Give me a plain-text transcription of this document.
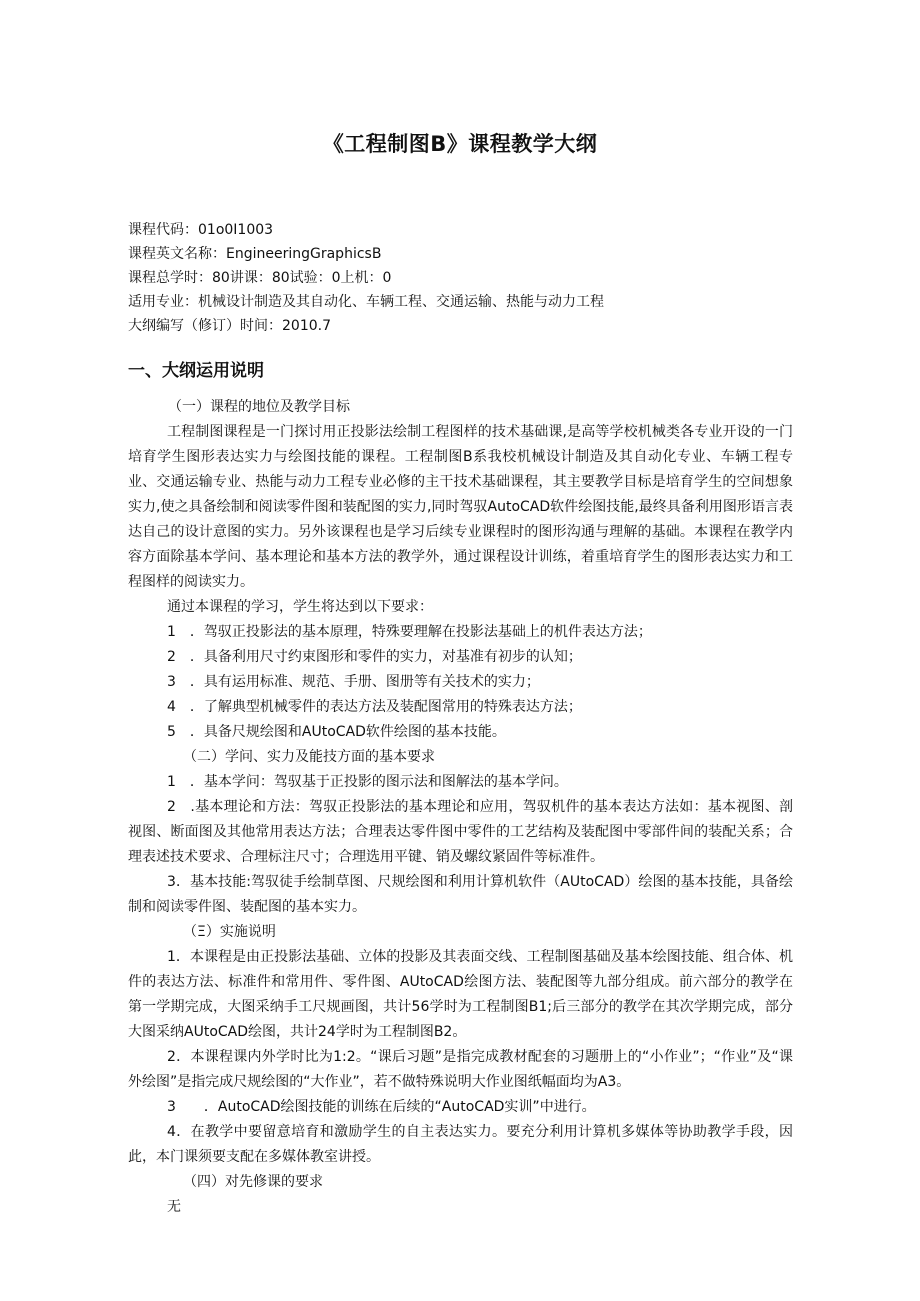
《工程制图B》课程教学大纲
课程代码：01o0I1003
课程英文名称：EngineeringGraphicsB
课程总学时：80讲课：80试验：0上机：0
适用专业：机械设计制造及其自动化、车辆工程、交通运输、热能与动力工程
大纲编写（修订）时间：2010.7
一、大纲运用说明

（一）课程的地位及教学目标

工程制图课程是一门探讨用正投影法绘制工程图样的技术基础课,是高等学校机械类各专业开设的一门培育学生图形表达实力与绘图技能的课程。工程制图B系我校机械设计制造及其自动化专业、车辆工程专业、交通运输专业、热能与动力工程专业必修的主干技术基础课程，其主要教学目标是培育学生的空间想象实力,使之具备绘制和阅读零件图和装配图的实力,同时驾驭AutoCAD软件绘图技能,最终具备利用图形语言表达自己的设计意图的实力。另外该课程也是学习后续专业课程时的图形沟通与理解的基础。本课程在教学内容方面除基本学问、基本理论和基本方法的教学外，通过课程设计训练，着重培育学生的图形表达实力和工程图样的阅读实力。

通过本课程的学习，学生将达到以下要求：

1　．驾驭正投影法的基本原理，特殊要理解在投影法基础上的机件表达方法；

2　．具备利用尺寸约束图形和零件的实力，对基准有初步的认知；

3　．具有运用标准、规范、手册、图册等有关技术的实力；

4　．了解典型机械零件的表达方法及装配图常用的特殊表达方法；

5　．具备尺规绘图和AUtoCAD软件绘图的基本技能。

（二）学问、实力及能技方面的基本要求

1　．基本学问：驾驭基于正投影的图示法和图解法的基本学问。

2　.基本理论和方法：驾驭正投影法的基本理论和应用，驾驭机件的基本表达方法如：基本视图、剖视图、断面图及其他常用表达方法；合理表达零件图中零件的工艺结构及装配图中零部件间的装配关系；合理表述技术要求、合理标注尺寸；合理选用平键、销及螺纹紧固件等标准件。

3．基本技能:驾驭徒手绘制草图、尺规绘图和利用计算机软件（AUtoCAD）绘图的基本技能，具备绘制和阅读零件图、装配图的基本实力。

（Ξ）实施说明

1．本课程是由正投影法基础、立体的投影及其表面交线、工程制图基础及基本绘图技能、组合体、机件的表达方法、标准件和常用件、零件图、AUtoCAD绘图方法、装配图等九部分组成。前六部分的教学在第一学期完成，大图采纳手工尺规画图，共计56学时为工程制图B1;后三部分的教学在其次学期完成，部分大图采纳AUtoCAD绘图，共计24学时为工程制图B2。

2．本课程课内外学时比为1:2。“课后习题”是指完成教材配套的习题册上的“小作业”；“作业”及“课外绘图”是指完成尺规绘图的“大作业”，若不做特殊说明大作业图纸幅面均为A3。

3　　．AutoCAD绘图技能的训练在后续的“AutoCAD实训”中进行。

4．在教学中要留意培育和激励学生的自主表达实力。要充分利用计算机多媒体等协助教学手段，因此，本门课须要支配在多媒体教室讲授。

（四）对先修课的要求

无
